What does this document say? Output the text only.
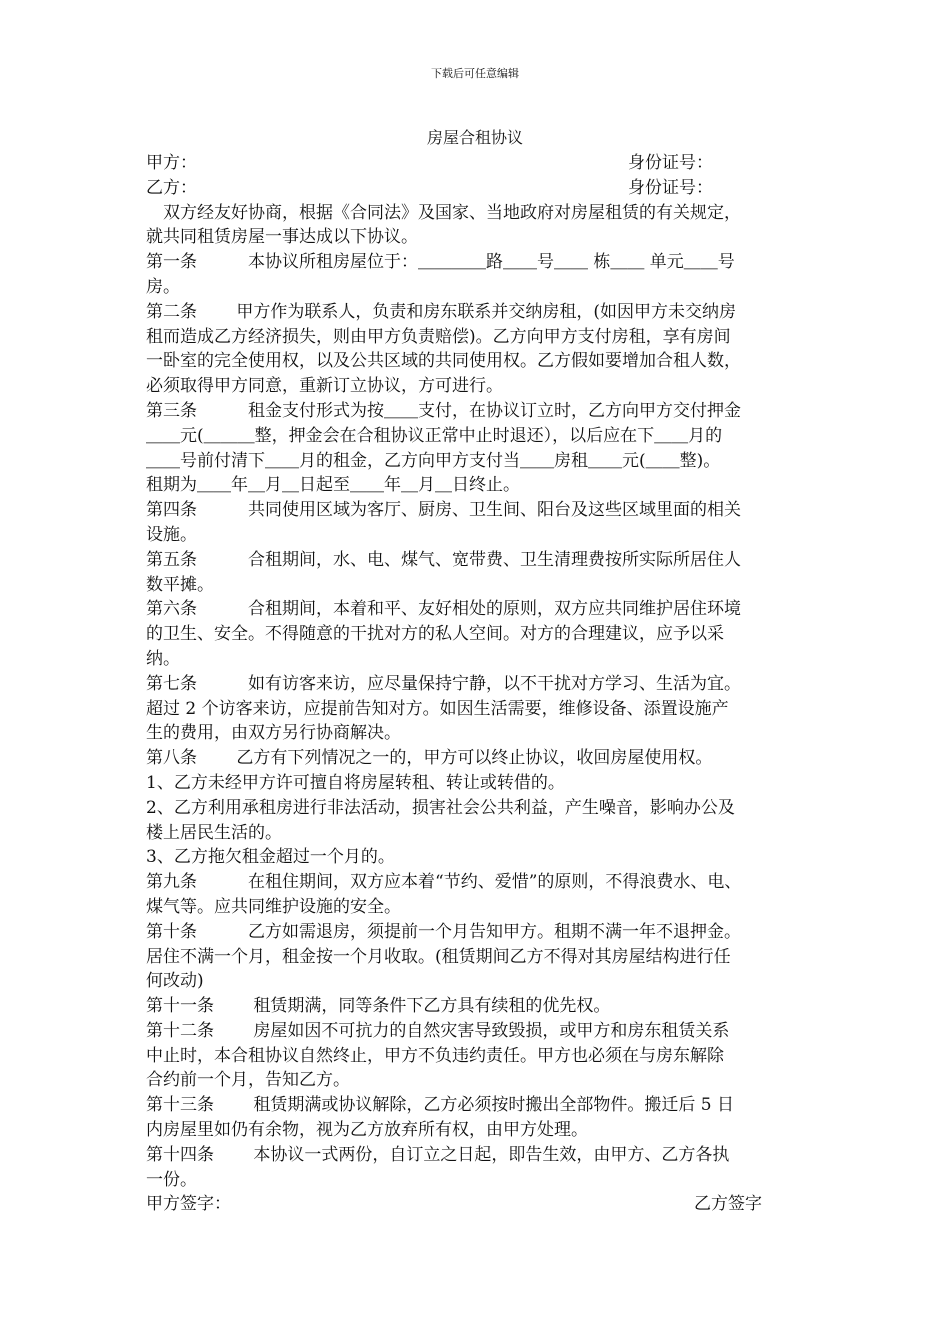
下载后可任意编辑
房屋合租协议
甲方：	身份证号：
乙方：	身份证号：
　双方经友好协商，根据《合同法》及国家、当地政府对房屋租赁的有关规定，
就共同租赁房屋一事达成以下协议。
第一条　　　本协议所租房屋位于：＿＿＿＿路＿＿号＿＿ 栋＿＿ 单元＿＿号
房。
第二条　　 甲方作为联系人，负责和房东联系并交纳房租，(如因甲方未交纳房
租而造成乙方经济损失，则由甲方负责赔偿)。乙方向甲方支付房租，享有房间
一卧室的完全使用权，以及公共区域的共同使用权。乙方假如要增加合租人数，
必须取得甲方同意，重新订立协议，方可进行。
第三条　　　租金支付形式为按＿＿支付，在协议订立时，乙方向甲方交付押金
＿＿元(＿＿＿整，押金会在合租协议正常中止时退还），以后应在下＿＿月的
＿＿号前付清下＿＿月的租金，乙方向甲方支付当＿＿房租＿＿元(＿＿整)。
租期为＿＿年＿月＿日起至＿＿年＿月＿日终止。
第四条　　　共同使用区域为客厅、厨房、卫生间、阳台及这些区域里面的相关
设施。
第五条　　　合租期间，水、电、煤气、宽带费、卫生清理费按所实际所居住人
数平摊。
第六条　　　合租期间，本着和平、友好相处的原则，双方应共同维护居住环境
的卫生、安全。不得随意的干扰对方的私人空间。对方的合理建议，应予以采
纳。
第七条　　　如有访客来访，应尽量保持宁静，以不干扰对方学习、生活为宜。
超过 2 个访客来访，应提前告知对方。如因生活需要，维修设备、添置设施产
生的费用，由双方另行协商解决。
第八条　　 乙方有下列情况之一的，甲方可以终止协议，收回房屋使用权。
1、乙方未经甲方许可擅自将房屋转租、转让或转借的。
2、乙方利用承租房进行非法活动，损害社会公共利益，产生噪音，影响办公及
楼上居民生活的。
3、乙方拖欠租金超过一个月的。
第九条　　　在租住期间，双方应本着“节约、爱惜”的原则，不得浪费水、电、
煤气等。应共同维护设施的安全。
第十条　　　乙方如需退房，须提前一个月告知甲方。租期不满一年不退押金。
居住不满一个月，租金按一个月收取。(租赁期间乙方不得对其房屋结构进行任
何改动)
第十一条　　 租赁期满，同等条件下乙方具有续租的优先权。
第十二条　　 房屋如因不可抗力的自然灾害导致毁损，或甲方和房东租赁关系
中止时，本合租协议自然终止，甲方不负违约责任。甲方也必须在与房东解除
合约前一个月，告知乙方。
第十三条　　 租赁期满或协议解除，乙方必须按时搬出全部物件。搬迁后 5 日
内房屋里如仍有余物，视为乙方放弃所有权，由甲方处理。
第十四条　　 本协议一式两份，自订立之日起，即告生效，由甲方、乙方各执
一份。
甲方签字：	乙方签字
